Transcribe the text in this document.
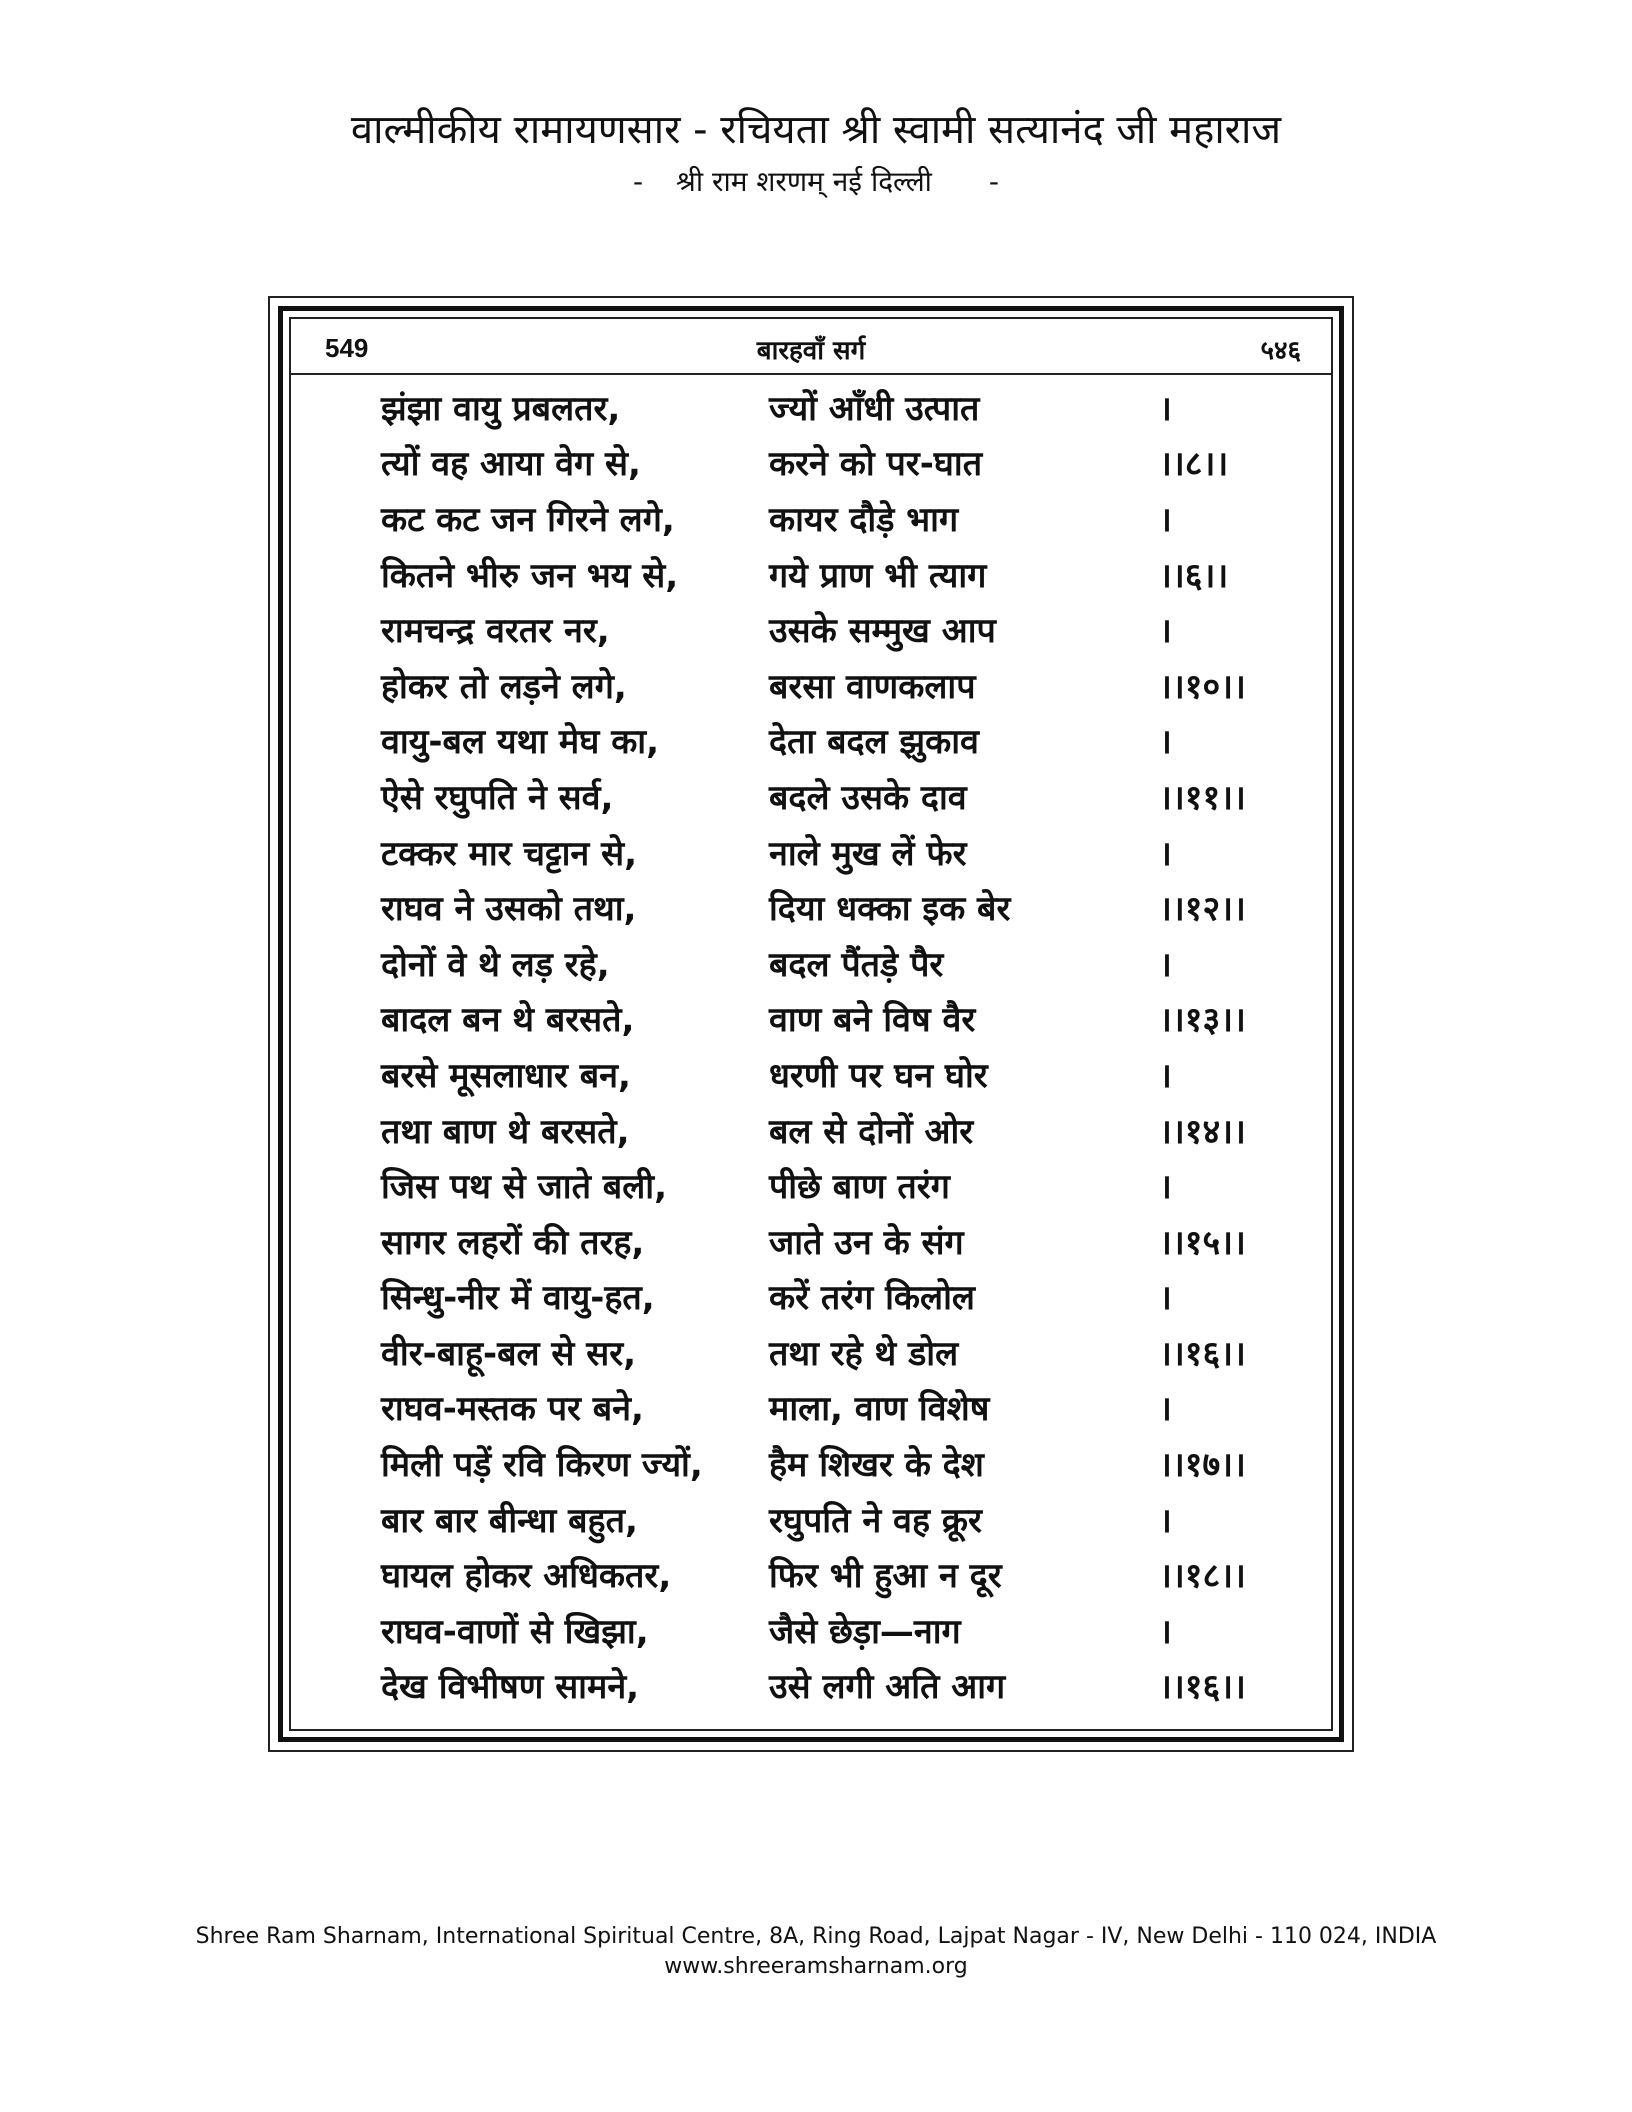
वाल्मीकीय रामायणसार - रचियता श्री स्वामी सत्यानंद जी महाराज
- श्री राम शरणम् नई दिल्ली -
549	बारहवाँ सर्ग	५४६
झंझा वायु प्रबलतर,	ज्यों आँधी उत्पात	।
त्यों वह आया वेग से,	करने को पर-घात	।।८।।
कट कट जन गिरने लगे,	कायर दौड़े भाग	।
कितने भीरु जन भय से,	गये प्राण भी त्याग	।।६।।
रामचन्द्र वरतर नर,	उसके सम्मुख आप	।
होकर तो लड़ने लगे,	बरसा वाणकलाप	।।१०।।
वायु-बल यथा मेघ का,	देता बदल झुकाव	।
ऐसे रघुपति ने सर्व,	बदले उसके दाव	।।११।।
टक्कर मार चट्टान से,	नाले मुख लें फेर	।
राघव ने उसको तथा,	दिया धक्का इक बेर	।।१२।।
दोनों वे थे लड़ रहे,	बदल पैंतड़े पैर	।
बादल बन थे बरसते,	वाण बने विष वैर	।।१३।।
बरसे मूसलाधार बन,	धरणी पर घन घोर	।
तथा बाण थे बरसते,	बल से दोनों ओर	।।१४।।
जिस पथ से जाते बली,	पीछे बाण तरंग	।
सागर लहरों की तरह,	जाते उन के संग	।।१५।।
सिन्धु-नीर में वायु-हत,	करें तरंग किलोल	।
वीर-बाहू-बल से सर,	तथा रहे थे डोल	।।१६।।
राघव-मस्तक पर बने,	माला, वाण विशेष	।
मिली पड़ें रवि किरण ज्यों,	हैम शिखर के देश	।।१७।।
बार बार बीन्धा बहुत,	रघुपति ने वह क्रूर	।
घायल होकर अधिकतर,	फिर भी हुआ न दूर	।।१८।।
राघव-वाणों से खिझा,	जैसे छेड़ा—नाग	।
देख विभीषण सामने,	उसे लगी अति आग	।।१६।।
Shree Ram Sharnam, International Spiritual Centre, 8A, Ring Road, Lajpat Nagar - IV, New Delhi - 110 024, INDIA
www.shreeramsharnam.org
